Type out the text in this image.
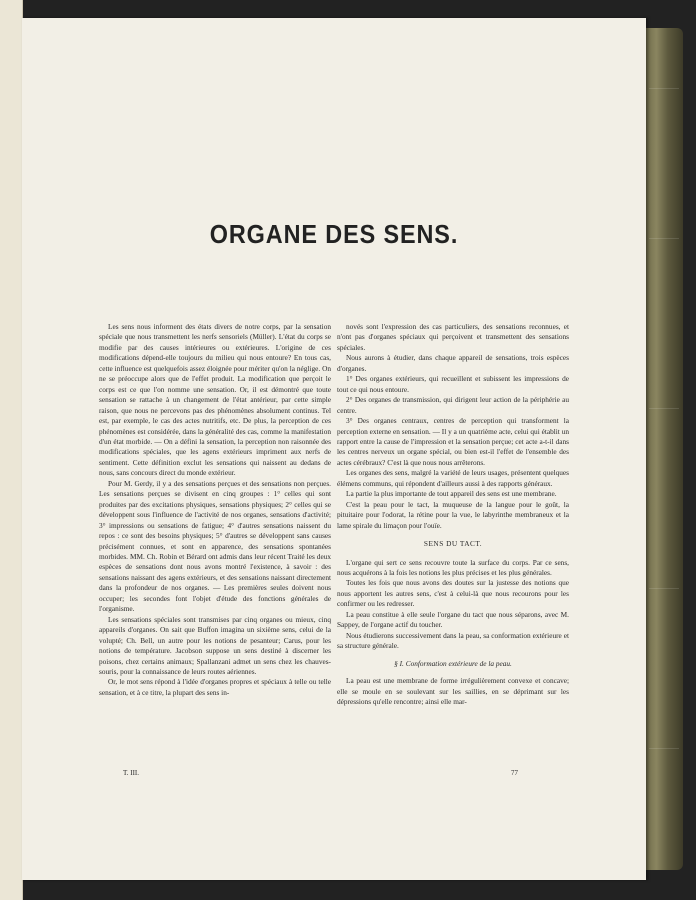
ORGANE DES SENS.

Les sens nous informent des états divers de notre corps, par la sensation spéciale que nous transmettent les nerfs sensoriels (Müller). L'état du corps se modifie par des causes intérieures ou extérieures. L'origine de ces modifications dépend-elle toujours du milieu qui nous entoure? En tous cas, cette influence est quelquefois assez éloignée pour mériter qu'on la néglige. On ne se préoccupe alors que de l'effet produit. La modification que perçoit le corps est ce que l'on nomme une sensation. Or, il est démontré que toute sensation se rattache à un changement de l'état antérieur, par cette simple raison, que nous ne percevons pas des phénomènes absolument continus. Tel est, par exemple, le cas des actes nutritifs, etc. De plus, la perception de ces phénomènes est considérée, dans la généralité des cas, comme la manifestation d'un état morbide. — On a défini la sensation, la perception non raisonnée des modifications spéciales, que les agens extérieurs impriment aux nerfs de sentiment. Cette définition exclut les sensations qui naissent au dedans de nous, sans concours direct du monde extérieur.

Pour M. Gerdy, il y a des sensations perçues et des sensations non perçues. Les sensations perçues se divisent en cinq groupes : 1° celles qui sont produites par des excitations physiques, sensations physiques; 2° celles qui se développent sous l'influence de l'activité de nos organes, sensations d'activité; 3° impressions ou sensations de fatigue; 4° d'autres sensations naissent du repos : ce sont des besoins physiques; 5° d'autres se développent sans causes précisément connues, et sont en apparence, des sensations spontanées morbides. MM. Ch. Robin et Bérard ont admis dans leur récent Traité les deux espèces de sensations dont nous avons montré l'existence, à savoir : des sensations naissant des agens extérieurs, et des sensations naissant directement dans la profondeur de nos organes. — Les premières seules doivent nous occuper; les secondes font l'objet d'étude des fonctions générales de l'organisme.

Les sensations spéciales sont transmises par cinq organes ou mieux, cinq appareils d'organes. On sait que Buffon imagina un sixième sens, celui de la volupté; Ch. Bell, un autre pour les notions de pesanteur; Carus, pour les notions de température. Jacobson suppose un sens destiné à discerner les poisons, chez certains animaux; Spallanzani admet un sens chez les chauves-souris, pour la connaissance de leurs routes aériennes.

Or, le mot sens répond à l'idée d'organes propres et spéciaux à telle ou telle sensation, et à ce titre, la plupart des sens in-

novés sont l'expression des cas particuliers, des sensations reconnues, et n'ont pas d'organes spéciaux qui perçoivent et transmettent des sensations spéciales.

Nous aurons à étudier, dans chaque appareil de sensations, trois espèces d'organes.

1° Des organes extérieurs, qui recueillent et subissent les impressions de tout ce qui nous entoure.

2° Des organes de transmission, qui dirigent leur action de la périphérie au centre.

3° Des organes centraux, centres de perception qui transforment la perception externe en sensation. — Il y a un quatrième acte, celui qui établit un rapport entre la cause de l'impression et la sensation perçue; cet acte a-t-il dans les centres nerveux un organe spécial, ou bien est-il l'effet de l'ensemble des actes cérébraux? C'est là que nous nous arrêterons.

Les organes des sens, malgré la variété de leurs usages, présentent quelques élémens communs, qui répondent d'ailleurs aussi à des rapports généraux.

La partie la plus importante de tout appareil des sens est une membrane.

C'est la peau pour le tact, la muqueuse de la langue pour le goût, la pituitaire pour l'odorat, la rétine pour la vue, le labyrinthe membraneux et la lame spirale du limaçon pour l'ouïe.

SENS DU TACT.

L'organe qui sert ce sens recouvre toute la surface du corps. Par ce sens, nous acquérons à la fois les notions les plus précises et les plus générales.

Toutes les fois que nous avons des doutes sur la justesse des notions que nous apportent les autres sens, c'est à celui-là que nous recourons pour les confirmer ou les redresser.

La peau constitue à elle seule l'organe du tact que nous séparons, avec M. Sappey, de l'organe actif du toucher.

Nous étudierons successivement dans la peau, sa conformation extérieure et sa structure générale.

§ I. Conformation extérieure de la peau.

La peau est une membrane de forme irrégulièrement convexe et concave; elle se moule en se soulevant sur les saillies, en se déprimant sur les dépressions qu'elle rencontre; ainsi elle mar-

T. III.	77
